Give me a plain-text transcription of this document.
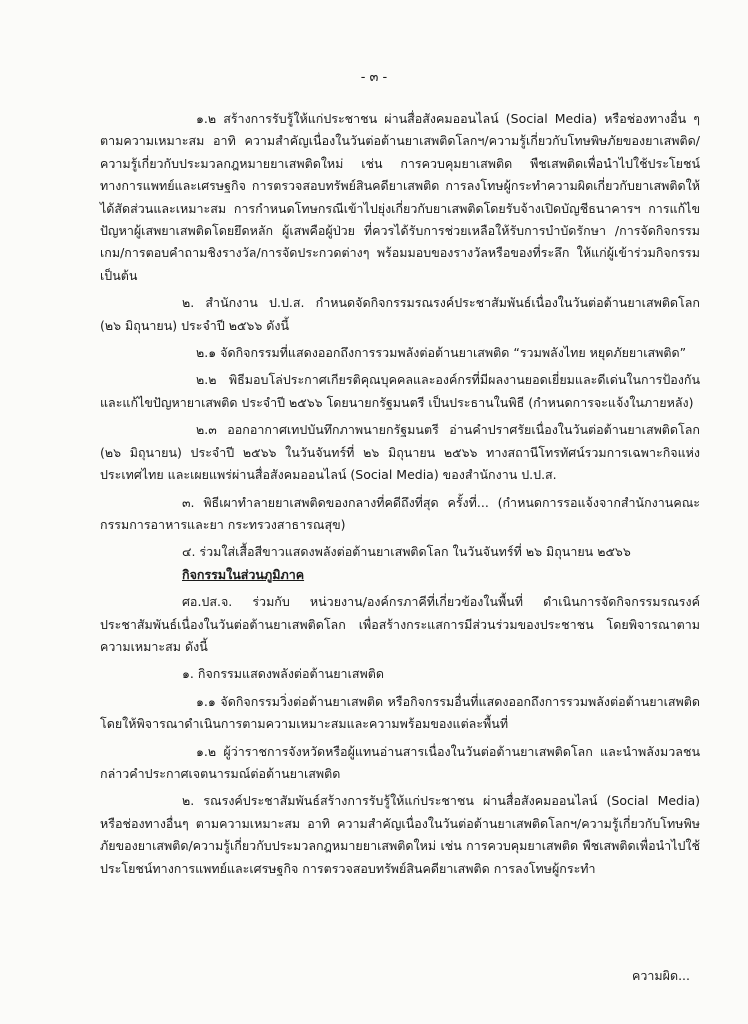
- ๓ -

๑.๒ สร้างการรับรู้ให้แก่ประชาชน ผ่านสื่อสังคมออนไลน์ (Social Media) หรือช่องทางอื่น ๆ ตามความเหมาะสม อาทิ ความสำคัญเนื่องในวันต่อต้านยาเสพติดโลกฯ/ความรู้เกี่ยวกับโทษพิษภัยของยาเสพติด/ความรู้เกี่ยวกับประมวลกฎหมายยาเสพติดใหม่ เช่น การควบคุมยาเสพติด พืชเสพติดเพื่อนำไปใช้ประโยชน์ทางการแพทย์และเศรษฐกิจ การตรวจสอบทรัพย์สินคดียาเสพติด การลงโทษผู้กระทำความผิดเกี่ยวกับยาเสพติดให้ได้สัดส่วนและเหมาะสม การกำหนดโทษกรณีเข้าไปยุ่งเกี่ยวกับยาเสพติดโดยรับจ้างเปิดบัญชีธนาคารฯ การแก้ไขปัญหาผู้เสพยาเสพติดโดยยึดหลัก ผู้เสพคือผู้ป่วย ที่ควรได้รับการช่วยเหลือให้รับการบำบัดรักษา /การจัดกิจกรรมเกม/การตอบคำถามชิงรางวัล/การจัดประกวดต่างๆ พร้อมมอบของรางวัลหรือของที่ระลึก ให้แก่ผู้เข้าร่วมกิจกรรม เป็นต้น

๒. สำนักงาน ป.ป.ส. กำหนดจัดกิจกรรมรณรงค์ประชาสัมพันธ์เนื่องในวันต่อต้านยาเสพติดโลก (๒๖ มิถุนายน) ประจำปี ๒๕๖๖ ดังนี้

๒.๑ จัดกิจกรรมที่แสดงออกถึงการรวมพลังต่อต้านยาเสพติด “รวมพลังไทย หยุดภัยยาเสพติด”

๒.๒ พิธีมอบโล่ประกาศเกียรติคุณบุคคลและองค์กรที่มีผลงานยอดเยี่ยมและดีเด่นในการป้องกันและแก้ไขปัญหายาเสพติด ประจำปี ๒๕๖๖ โดยนายกรัฐมนตรี เป็นประธานในพิธี (กำหนดการจะแจ้งในภายหลัง)

๒.๓ ออกอากาศเทปบันทึกภาพนายกรัฐมนตรี อ่านคำปราศรัยเนื่องในวันต่อต้านยาเสพติดโลก (๒๖ มิถุนายน) ประจำปี ๒๕๖๖ ในวันจันทร์ที่ ๒๖ มิถุนายน ๒๕๖๖ ทางสถานีโทรทัศน์รวมการเฉพาะกิจแห่งประเทศไทย และเผยแพร่ผ่านสื่อสังคมออนไลน์ (Social Media) ของสำนักงาน ป.ป.ส.

๓. พิธีเผาทำลายยาเสพติดของกลางที่คดีถึงที่สุด ครั้งที่... (กำหนดการรอแจ้งจากสำนักงานคณะกรรมการอาหารและยา กระทรวงสาธารณสุข)

๔. ร่วมใส่เสื้อสีขาวแสดงพลังต่อต้านยาเสพติดโลก ในวันจันทร์ที่ ๒๖ มิถุนายน ๒๕๖๖

กิจกรรมในส่วนภูมิภาค

ศอ.ปส.จ. ร่วมกับ หน่วยงาน/องค์กรภาคีที่เกี่ยวข้องในพื้นที่ ดำเนินการจัดกิจกรรมรณรงค์ประชาสัมพันธ์เนื่องในวันต่อต้านยาเสพติดโลก เพื่อสร้างกระแสการมีส่วนร่วมของประชาชน โดยพิจารณาตามความเหมาะสม ดังนี้

๑. กิจกรรมแสดงพลังต่อต้านยาเสพติด

๑.๑ จัดกิจกรรมวิ่งต่อต้านยาเสพติด หรือกิจกรรมอื่นที่แสดงออกถึงการรวมพลังต่อต้านยาเสพติด โดยให้พิจารณาดำเนินการตามความเหมาะสมและความพร้อมของแต่ละพื้นที่

๑.๒ ผู้ว่าราชการจังหวัดหรือผู้แทนอ่านสารเนื่องในวันต่อต้านยาเสพติดโลก และนำพลังมวลชนกล่าวคำประกาศเจตนารมณ์ต่อต้านยาเสพติด

๒. รณรงค์ประชาสัมพันธ์สร้างการรับรู้ให้แก่ประชาชน ผ่านสื่อสังคมออนไลน์ (Social Media) หรือช่องทางอื่นๆ ตามความเหมาะสม อาทิ ความสำคัญเนื่องในวันต่อต้านยาเสพติดโลกฯ/ความรู้เกี่ยวกับโทษพิษภัยของยาเสพติด/ความรู้เกี่ยวกับประมวลกฎหมายยาเสพติดใหม่ เช่น การควบคุมยาเสพติด พืชเสพติดเพื่อนำไปใช้ประโยชน์ทางการแพทย์และเศรษฐกิจ การตรวจสอบทรัพย์สินคดียาเสพติด การลงโทษผู้กระทำ

ความผิด...
